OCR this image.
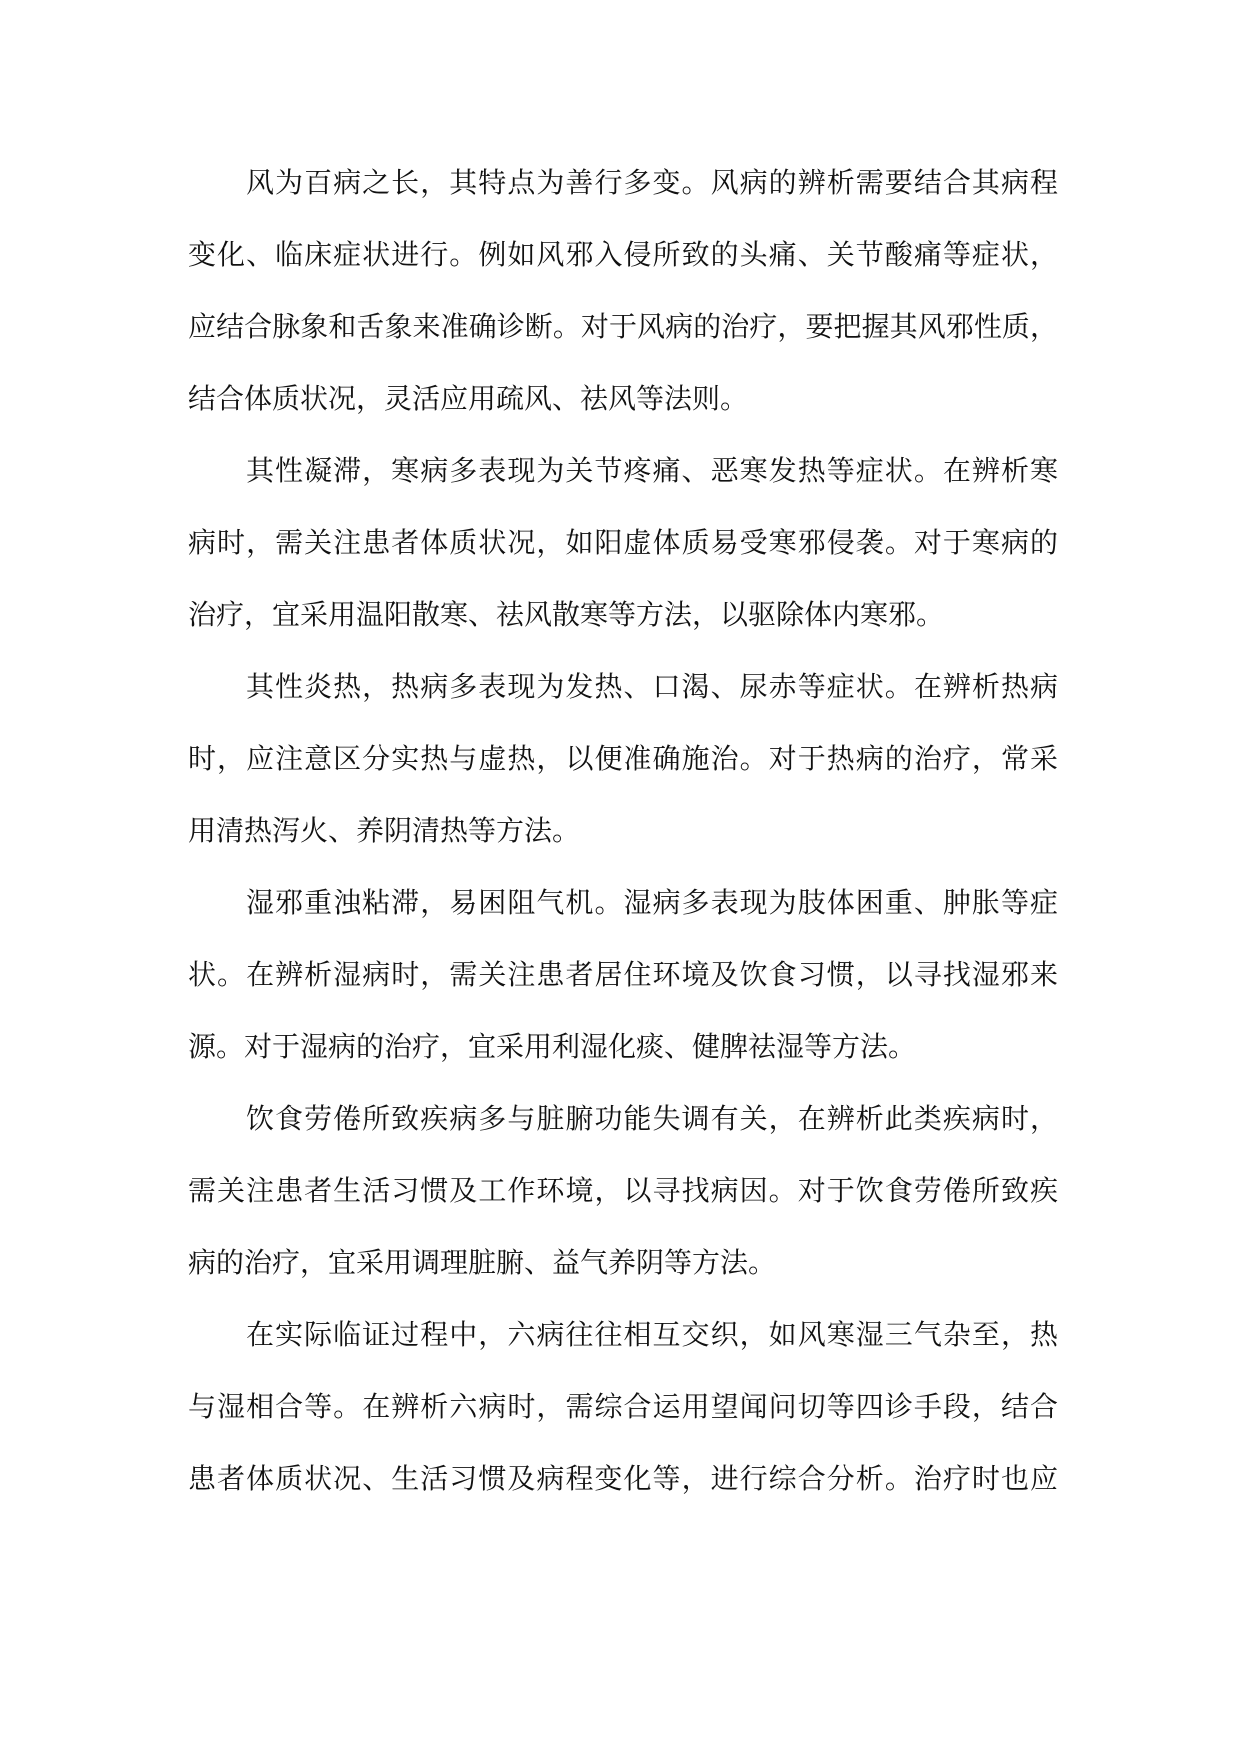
风为百病之长，其特点为善行多变。风病的辨析需要结合其病程
变化、临床症状进行。例如风邪入侵所致的头痛、关节酸痛等症状，
应结合脉象和舌象来准确诊断。对于风病的治疗，要把握其风邪性质，
结合体质状况，灵活应用疏风、祛风等法则。
其性凝滞，寒病多表现为关节疼痛、恶寒发热等症状。在辨析寒
病时，需关注患者体质状况，如阳虚体质易受寒邪侵袭。对于寒病的
治疗，宜采用温阳散寒、祛风散寒等方法，以驱除体内寒邪。
其性炎热，热病多表现为发热、口渴、尿赤等症状。在辨析热病
时，应注意区分实热与虚热，以便准确施治。对于热病的治疗，常采
用清热泻火、养阴清热等方法。
湿邪重浊粘滞，易困阻气机。湿病多表现为肢体困重、肿胀等症
状。在辨析湿病时，需关注患者居住环境及饮食习惯，以寻找湿邪来
源。对于湿病的治疗，宜采用利湿化痰、健脾祛湿等方法。
饮食劳倦所致疾病多与脏腑功能失调有关，在辨析此类疾病时，
需关注患者生活习惯及工作环境，以寻找病因。对于饮食劳倦所致疾
病的治疗，宜采用调理脏腑、益气养阴等方法。
在实际临证过程中，六病往往相互交织，如风寒湿三气杂至，热
与湿相合等。在辨析六病时，需综合运用望闻问切等四诊手段，结合
患者体质状况、生活习惯及病程变化等，进行综合分析。治疗时也应
